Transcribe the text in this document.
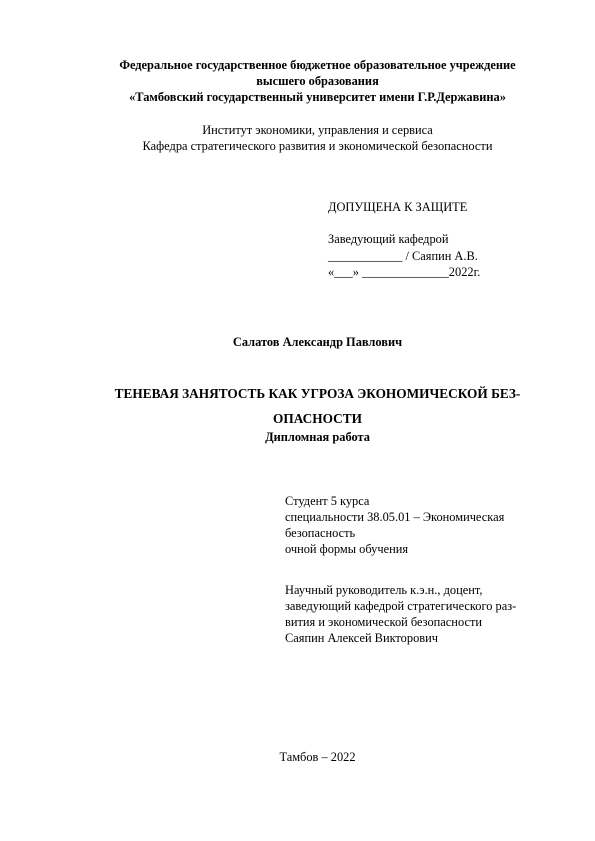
Федеральное государственное бюджетное образовательное учреждение
высшего образования
«Тамбовский государственный университет имени Г.Р.Державина»
Институт экономики, управления и сервиса
Кафедра стратегического развития и экономической безопасности
ДОПУЩЕНА К ЗАЩИТЕ
Заведующий кафедрой
____________ / Саяпин А.В.
«___» ______________2022г.
Салатов Александр Павлович
ТЕНЕВАЯ ЗАНЯТОСТЬ КАК УГРОЗА ЭКОНОМИЧЕСКОЙ БЕЗ-
ОПАСНОСТИ
Дипломная работа
Студент 5 курса
специальности 38.05.01 – Экономическая
безопасность
очной формы обучения
Научный руководитель к.э.н., доцент,
заведующий кафедрой стратегического раз-
вития и экономической безопасности
Саяпин Алексей Викторович
Тамбов – 2022
